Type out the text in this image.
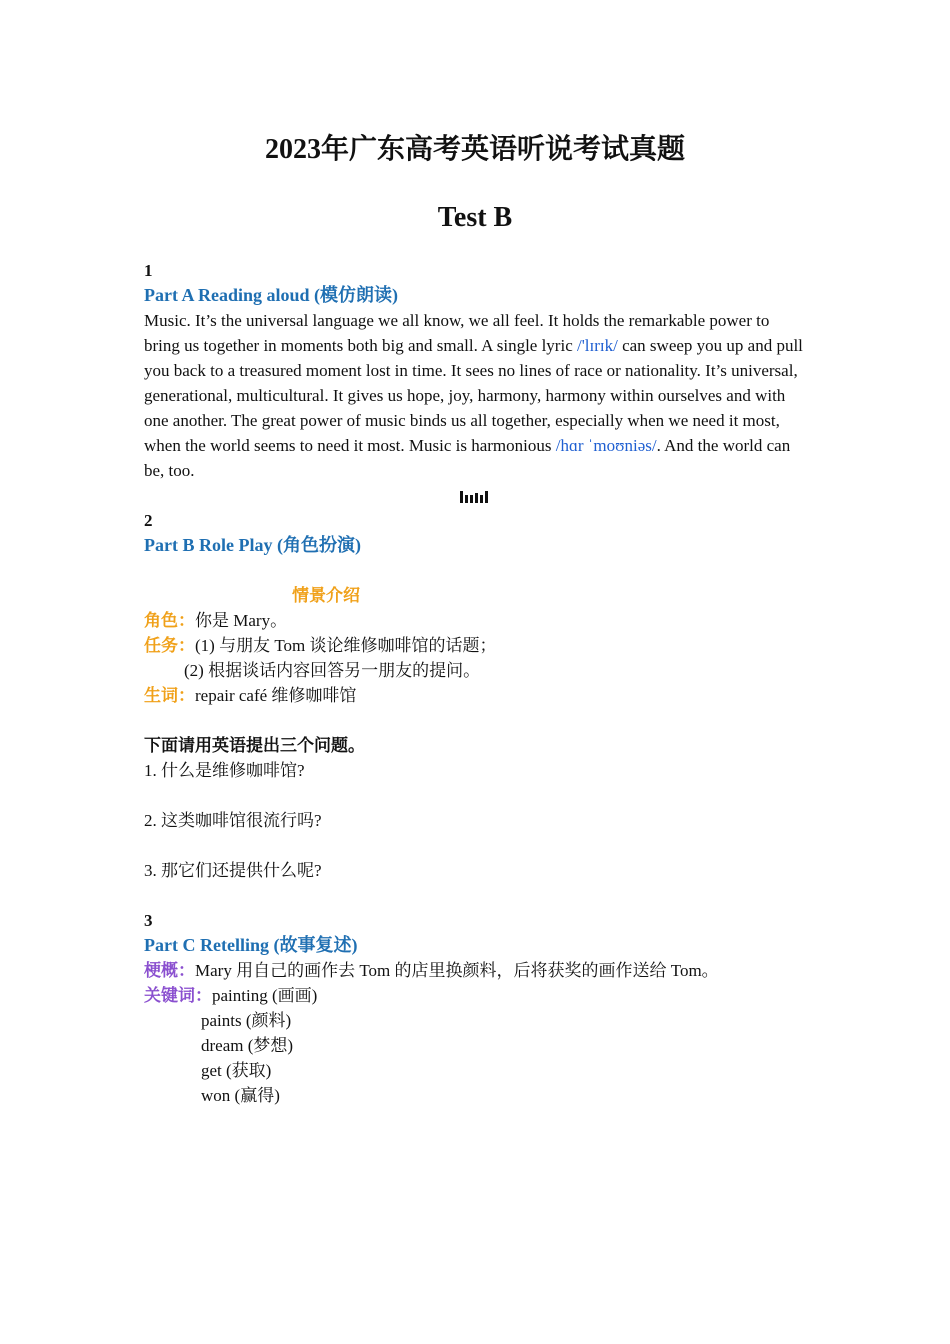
2023年广东高考英语听说考试真题
Test B
1
Part A Reading aloud (模仿朗读)
Music. It’s the universal language we all know, we all feel. It holds the remarkable power to bring us together in moments both big and small. A single lyric /'lɪrɪk/ can sweep you up and pull you back to a treasured moment lost in time. It sees no lines of race or nationality. It’s universal, generational, multicultural. It gives us hope, joy, harmony, harmony within ourselves and with one another. The great power of music binds us all together, especially when we need it most, when the world seems to need it most. Music is harmonious /hɑr ˈmoʊniəs/. And the world can be, too.
2
Part B Role Play (角色扮演)
情景介绍
角色：你是 Mary。
任务：(1) 与朋友 Tom 谈论维修咖啡馆的话题；
(2) 根据谈话内容回答另一朋友的提问。
生词：repair café 维修咖啡馆
下面请用英语提出三个问题。
1. 什么是维修咖啡馆?
2. 这类咖啡馆很流行吗?
3. 那它们还提供什么呢?
3
Part C Retelling (故事复述)
梗概：Mary 用自己的画作去 Tom 的店里换颜料，后将获奖的画作送给 Tom。
关键词：painting (画画)
paints (颜料)
dream (梦想)
get (获取)
won (赢得)
